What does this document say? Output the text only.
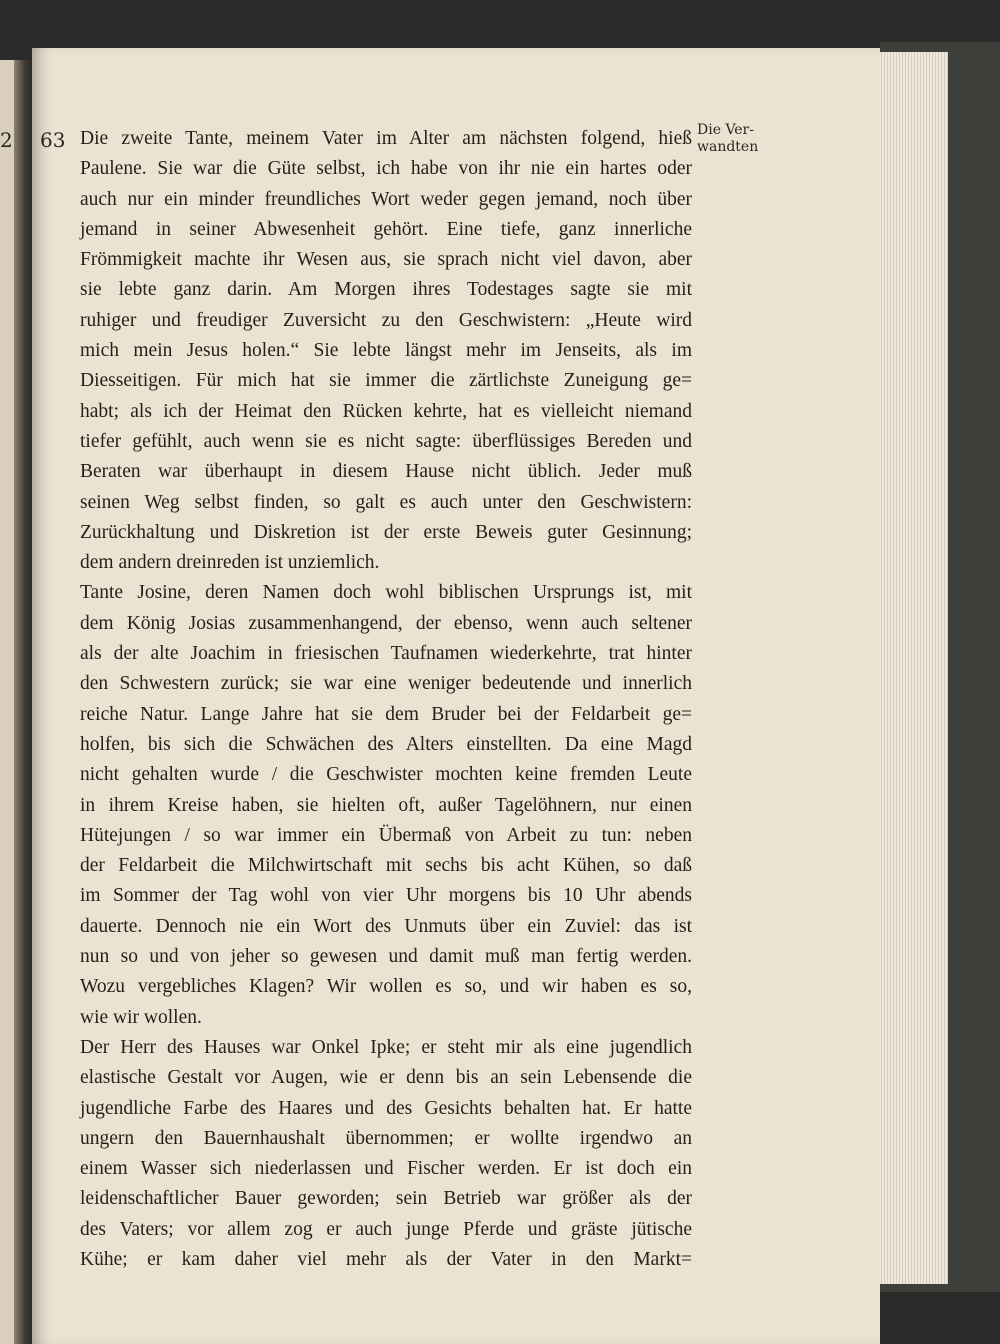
2 63	Die Ver-
wandten
Die zweite Tante, meinem Vater im Alter am nächsten folgend, hieß
Paulene. Sie war die Güte selbst, ich habe von ihr nie ein hartes oder
auch nur ein minder freundliches Wort weder gegen jemand, noch über
jemand in seiner Abwesenheit gehört. Eine tiefe, ganz innerliche
Frömmigkeit machte ihr Wesen aus, sie sprach nicht viel davon, aber
sie lebte ganz darin. Am Morgen ihres Todestages sagte sie mit
ruhiger und freudiger Zuversicht zu den Geschwistern: „Heute wird
mich mein Jesus holen.“ Sie lebte längst mehr im Jenseits, als im
Diesseitigen. Für mich hat sie immer die zärtlichste Zuneigung ge=
habt; als ich der Heimat den Rücken kehrte, hat es vielleicht niemand
tiefer gefühlt, auch wenn sie es nicht sagte: überflüssiges Bereden und
Beraten war überhaupt in diesem Hause nicht üblich. Jeder muß
seinen Weg selbst finden, so galt es auch unter den Geschwistern:
Zurückhaltung und Diskretion ist der erste Beweis guter Gesinnung;
dem andern dreinreden ist unziemlich.
Tante Josine, deren Namen doch wohl biblischen Ursprungs ist, mit
dem König Josias zusammenhangend, der ebenso, wenn auch seltener
als der alte Joachim in friesischen Taufnamen wiederkehrte, trat hinter
den Schwestern zurück; sie war eine weniger bedeutende und innerlich
reiche Natur. Lange Jahre hat sie dem Bruder bei der Feldarbeit ge=
holfen, bis sich die Schwächen des Alters einstellten. Da eine Magd
nicht gehalten wurde / die Geschwister mochten keine fremden Leute
in ihrem Kreise haben, sie hielten oft, außer Tagelöhnern, nur einen
Hütejungen / so war immer ein Übermaß von Arbeit zu tun: neben
der Feldarbeit die Milchwirtschaft mit sechs bis acht Kühen, so daß
im Sommer der Tag wohl von vier Uhr morgens bis 10 Uhr abends
dauerte. Dennoch nie ein Wort des Unmuts über ein Zuviel: das ist
nun so und von jeher so gewesen und damit muß man fertig werden.
Wozu vergebliches Klagen? Wir wollen es so, und wir haben es so,
wie wir wollen.
Der Herr des Hauses war Onkel Ipke; er steht mir als eine jugendlich
elastische Gestalt vor Augen, wie er denn bis an sein Lebensende die
jugendliche Farbe des Haares und des Gesichts behalten hat. Er hatte
ungern den Bauernhaushalt übernommen; er wollte irgendwo an
einem Wasser sich niederlassen und Fischer werden. Er ist doch ein
leidenschaftlicher Bauer geworden; sein Betrieb war größer als der
des Vaters; vor allem zog er auch junge Pferde und gräste jütische
Kühe; er kam daher viel mehr als der Vater in den Markt=
